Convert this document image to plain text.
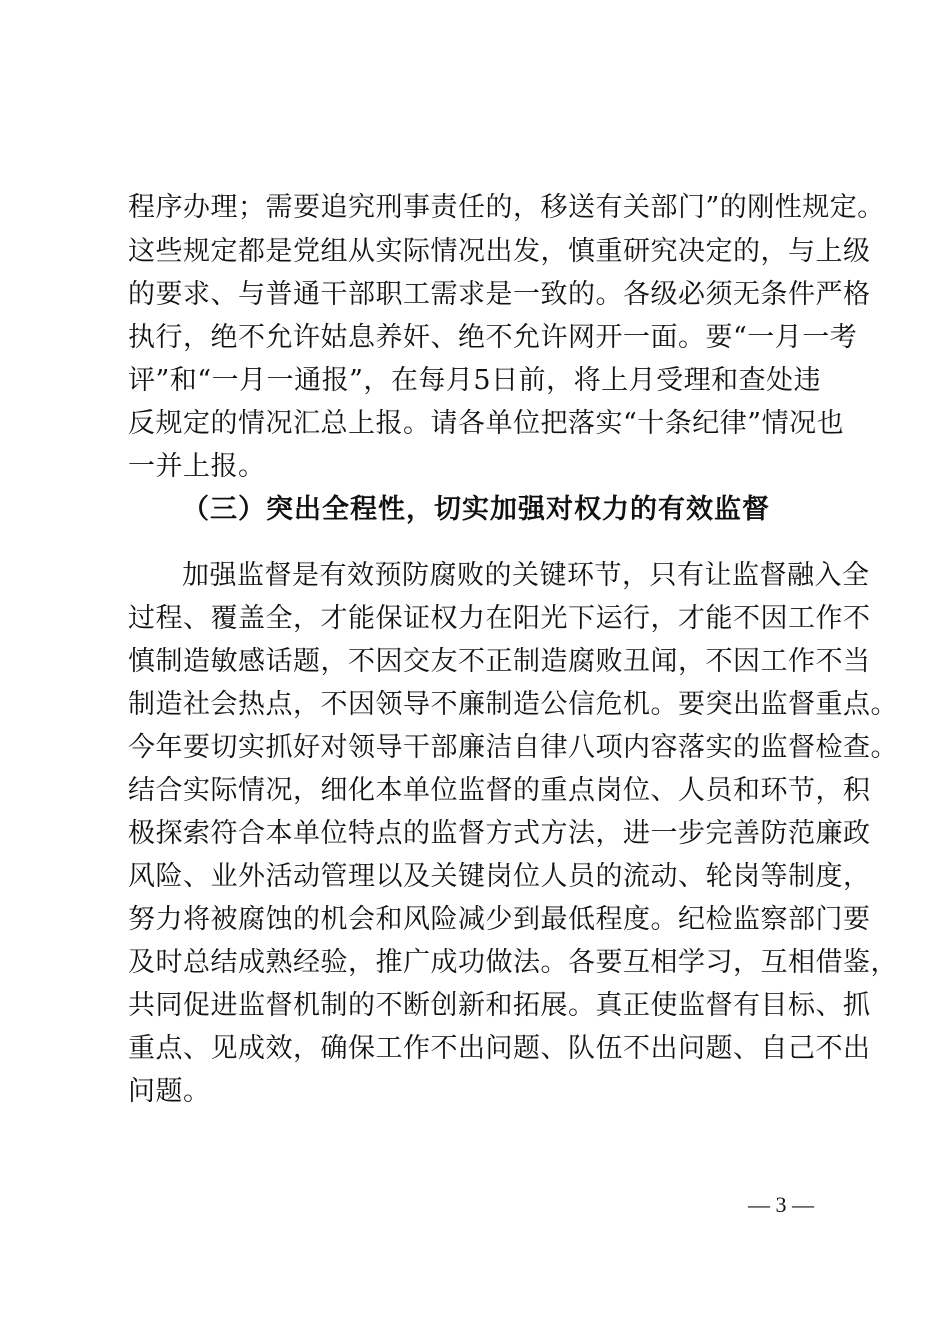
程序办理；需要追究刑事责任的，移送有关部门”的刚性规定。
这些规定都是党组从实际情况出发，慎重研究决定的，与上级
的要求、与普通干部职工需求是一致的。各级必须无条件严格
执行，绝不允许姑息养奸、绝不允许网开一面。要“一月一考
评”和“一月一通报”，在每月5日前，将上月受理和查处违
反规定的情况汇总上报。请各单位把落实“十条纪律”情况也
一并上报。
（三）突出全程性，切实加强对权力的有效监督
加强监督是有效预防腐败的关键环节，只有让监督融入全
过程、覆盖全，才能保证权力在阳光下运行，才能不因工作不
慎制造敏感话题，不因交友不正制造腐败丑闻，不因工作不当
制造社会热点，不因领导不廉制造公信危机。要突出监督重点。
今年要切实抓好对领导干部廉洁自律八项内容落实的监督检查。
结合实际情况，细化本单位监督的重点岗位、人员和环节，积
极探索符合本单位特点的监督方式方法，进一步完善防范廉政
风险、业外活动管理以及关键岗位人员的流动、轮岗等制度，
努力将被腐蚀的机会和风险减少到最低程度。纪检监察部门要
及时总结成熟经验，推广成功做法。各要互相学习，互相借鉴，
共同促进监督机制的不断创新和拓展。真正使监督有目标、抓
重点、见成效，确保工作不出问题、队伍不出问题、自己不出
问题。
— 3 —
